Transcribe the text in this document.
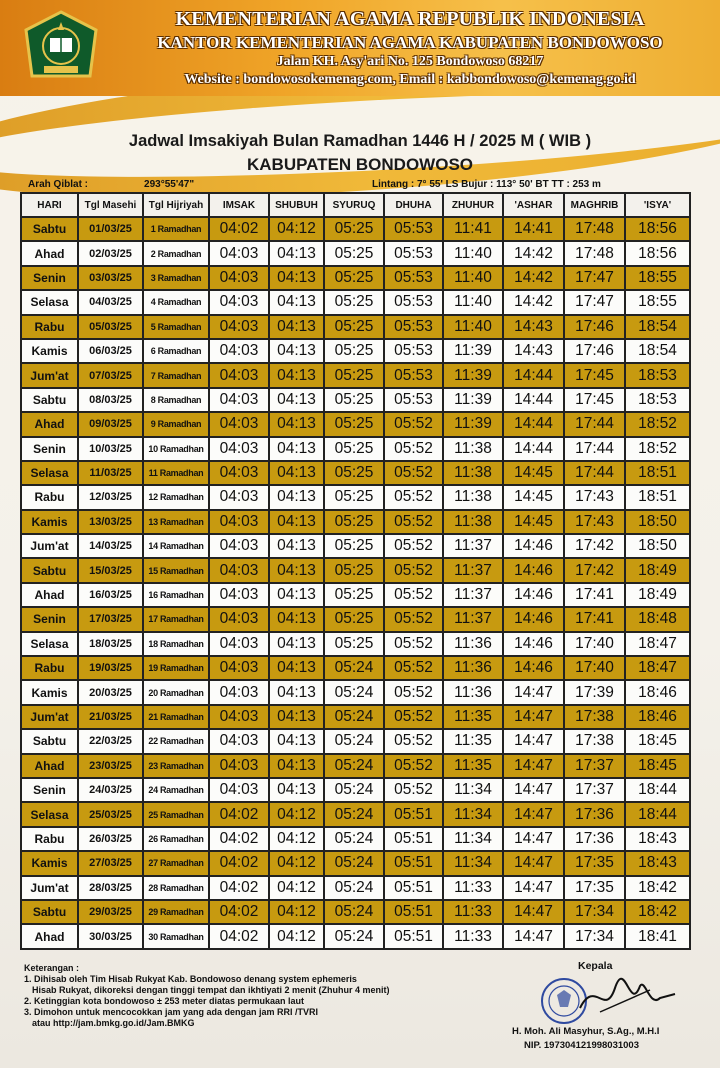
KEMENTERIAN AGAMA REPUBLIK INDONESIA
KANTOR KEMENTERIAN AGAMA KABUPATEN BONDOWOSO
Jalan KH. Asy'ari No. 125 Bondowoso 68217
Website : bondowosokemenag.com, Email : kabbondowoso@kemenag.go.id
Jadwal Imsakiyah Bulan Ramadhan 1446 H / 2025 M ( WIB )
KABUPATEN BONDOWOSO
Arah Qiblat :	293°55'47"	Lintang : 7° 55' LS Bujur : 113° 50' BT TT : 253 m
HARI	Tgl Masehi	Tgl Hijriyah	IMSAK	SHUBUH	SYURUQ	DHUHA	ZHUHUR	'ASHAR	MAGHRIB	'ISYA'
Sabtu	01/03/25	1 Ramadhan	04:02	04:12	05:25	05:53	11:41	14:41	17:48	18:56
Ahad	02/03/25	2 Ramadhan	04:03	04:13	05:25	05:53	11:40	14:42	17:48	18:56
Senin	03/03/25	3 Ramadhan	04:03	04:13	05:25	05:53	11:40	14:42	17:47	18:55
Selasa	04/03/25	4 Ramadhan	04:03	04:13	05:25	05:53	11:40	14:42	17:47	18:55
Rabu	05/03/25	5 Ramadhan	04:03	04:13	05:25	05:53	11:40	14:43	17:46	18:54
Kamis	06/03/25	6 Ramadhan	04:03	04:13	05:25	05:53	11:39	14:43	17:46	18:54
Jum'at	07/03/25	7 Ramadhan	04:03	04:13	05:25	05:53	11:39	14:44	17:45	18:53
Sabtu	08/03/25	8 Ramadhan	04:03	04:13	05:25	05:53	11:39	14:44	17:45	18:53
Ahad	09/03/25	9 Ramadhan	04:03	04:13	05:25	05:52	11:39	14:44	17:44	18:52
Senin	10/03/25	10 Ramadhan	04:03	04:13	05:25	05:52	11:38	14:44	17:44	18:52
Selasa	11/03/25	11 Ramadhan	04:03	04:13	05:25	05:52	11:38	14:45	17:44	18:51
Rabu	12/03/25	12 Ramadhan	04:03	04:13	05:25	05:52	11:38	14:45	17:43	18:51
Kamis	13/03/25	13 Ramadhan	04:03	04:13	05:25	05:52	11:38	14:45	17:43	18:50
Jum'at	14/03/25	14 Ramadhan	04:03	04:13	05:25	05:52	11:37	14:46	17:42	18:50
Sabtu	15/03/25	15 Ramadhan	04:03	04:13	05:25	05:52	11:37	14:46	17:42	18:49
Ahad	16/03/25	16 Ramadhan	04:03	04:13	05:25	05:52	11:37	14:46	17:41	18:49
Senin	17/03/25	17 Ramadhan	04:03	04:13	05:25	05:52	11:37	14:46	17:41	18:48
Selasa	18/03/25	18 Ramadhan	04:03	04:13	05:25	05:52	11:36	14:46	17:40	18:47
Rabu	19/03/25	19 Ramadhan	04:03	04:13	05:24	05:52	11:36	14:46	17:40	18:47
Kamis	20/03/25	20 Ramadhan	04:03	04:13	05:24	05:52	11:36	14:47	17:39	18:46
Jum'at	21/03/25	21 Ramadhan	04:03	04:13	05:24	05:52	11:35	14:47	17:38	18:46
Sabtu	22/03/25	22 Ramadhan	04:03	04:13	05:24	05:52	11:35	14:47	17:38	18:45
Ahad	23/03/25	23 Ramadhan	04:03	04:13	05:24	05:52	11:35	14:47	17:37	18:45
Senin	24/03/25	24 Ramadhan	04:03	04:13	05:24	05:52	11:34	14:47	17:37	18:44
Selasa	25/03/25	25 Ramadhan	04:02	04:12	05:24	05:51	11:34	14:47	17:36	18:44
Rabu	26/03/25	26 Ramadhan	04:02	04:12	05:24	05:51	11:34	14:47	17:36	18:43
Kamis	27/03/25	27 Ramadhan	04:02	04:12	05:24	05:51	11:34	14:47	17:35	18:43
Jum'at	28/03/25	28 Ramadhan	04:02	04:12	05:24	05:51	11:33	14:47	17:35	18:42
Sabtu	29/03/25	29 Ramadhan	04:02	04:12	05:24	05:51	11:33	14:47	17:34	18:42
Ahad	30/03/25	30 Ramadhan	04:02	04:12	05:24	05:51	11:33	14:47	17:34	18:41
Keterangan :
1. Dihisab oleh Tim Hisab Rukyat Kab. Bondowoso denang system ephemeris
Hisab Rukyat, dikoreksi dengan tinggi tempat dan ikhtiyati 2 menit (Zhuhur 4 menit)
2. Ketinggian kota bondowoso ± 253 meter diatas permukaan laut
3. Dimohon untuk mencocokkan jam yang ada dengan jam RRI /TVRI
atau http://jam.bmkg.go.id/Jam.BMKG
Kepala
H. Moh. Ali Masyhur, S.Ag., M.H.I
NIP. 197304121998031003
